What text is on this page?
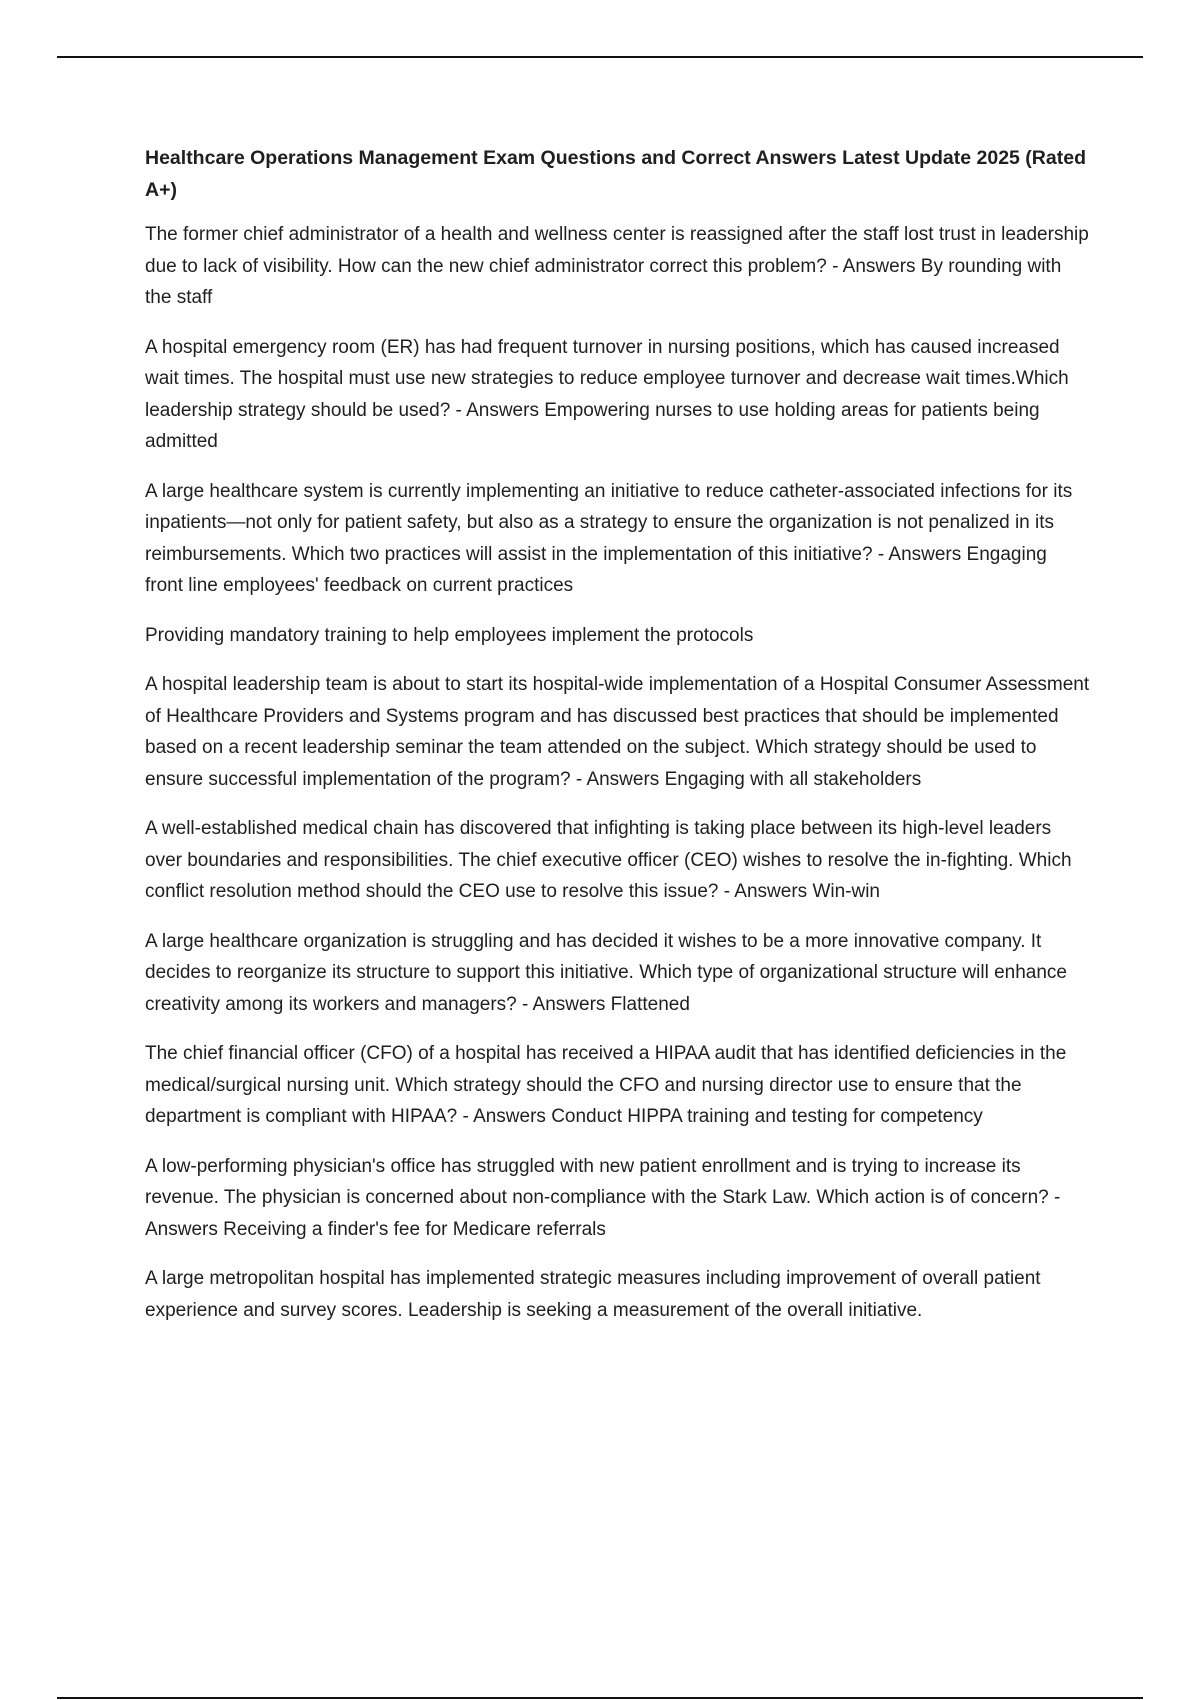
Healthcare Operations Management Exam Questions and Correct Answers Latest Update 2025 (Rated A+)

The former chief administrator of a health and wellness center is reassigned after the staff lost trust in leadership due to lack of visibility. How can the new chief administrator correct this problem? - Answers By rounding with the staff

A hospital emergency room (ER) has had frequent turnover in nursing positions, which has caused increased wait times. The hospital must use new strategies to reduce employee turnover and decrease wait times.Which leadership strategy should be used? - Answers Empowering nurses to use holding areas for patients being admitted

A large healthcare system is currently implementing an initiative to reduce catheter-associated infections for its inpatients—not only for patient safety, but also as a strategy to ensure the organization is not penalized in its reimbursements. Which two practices will assist in the implementation of this initiative? - Answers Engaging front line employees' feedback on current practices

Providing mandatory training to help employees implement the protocols

A hospital leadership team is about to start its hospital-wide implementation of a Hospital Consumer Assessment of Healthcare Providers and Systems program and has discussed best practices that should be implemented based on a recent leadership seminar the team attended on the subject. Which strategy should be used to ensure successful implementation of the program? - Answers Engaging with all stakeholders

A well-established medical chain has discovered that infighting is taking place between its high-level leaders over boundaries and responsibilities. The chief executive officer (CEO) wishes to resolve the in-fighting. Which conflict resolution method should the CEO use to resolve this issue? - Answers Win-win

A large healthcare organization is struggling and has decided it wishes to be a more innovative company. It decides to reorganize its structure to support this initiative. Which type of organizational structure will enhance creativity among its workers and managers? - Answers Flattened

The chief financial officer (CFO) of a hospital has received a HIPAA audit that has identified deficiencies in the medical/surgical nursing unit. Which strategy should the CFO and nursing director use to ensure that the department is compliant with HIPAA? - Answers Conduct HIPPA training and testing for competency

A low-performing physician's office has struggled with new patient enrollment and is trying to increase its revenue. The physician is concerned about non-compliance with the Stark Law. Which action is of concern? - Answers Receiving a finder's fee for Medicare referrals

A large metropolitan hospital has implemented strategic measures including improvement of overall patient experience and survey scores. Leadership is seeking a measurement of the overall initiative.
